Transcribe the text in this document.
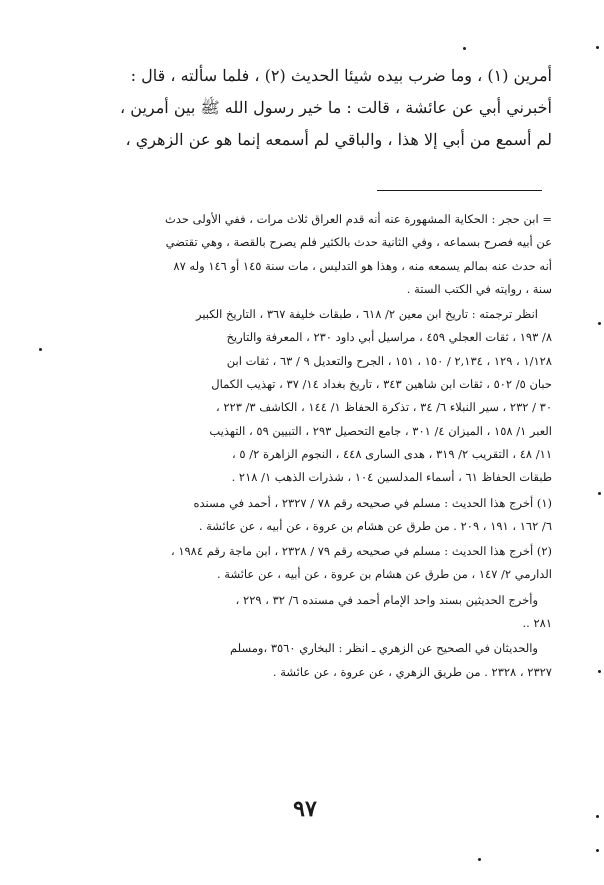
أمرين (١) ، وما ضرب بيده شيئا الحديث (٢) ، فلما سألته ، قال :

أخبرني أبي عن عائشة ، قالت : ما خير رسول الله ﷺ بين أمرين ،

لم أسمع من أبي إلا هذا ، والباقي لم أسمعه إنما هو عن الزهري ،

= ابن حجر : الحكاية المشهورة عنه أنه قدم العراق ثلاث مرات ، ففي الأولى حدث
عن أبيه فصرح بسماعه ، وفي الثانية حدث بالكثير فلم يصرح بالقصة ، وهي تقتضي
أنه حدث عنه بمالم يسمعه منه ، وهذا هو التدليس ، مات سنة ١٤٥ أو ١٤٦ وله ٨٧
سنة ، روايته في الكتب الستة .
انظر ترجمته : تاريخ ابن معين ٢/ ٦١٨ ، طبقات خليفة ٣٦٧ ، التاريخ الكبير
٨/ ١٩٣ ، ثقات العجلي ٤٥٩ ، مراسيل أبي داود ٢٣٠ ، المعرفة والتاريخ
١/١٢٨ ، ١٢٩ ، ٢,١٣٤ / ١٥٠ ، ١٥١ ، الجرح والتعديل ٩ / ٦٣ ، ثقات ابن
حبان ٥/ ٥٠٢ ، ثقات ابن شاهين ٣٤٣ ، تاريخ بغداد ١٤/ ٣٧ ، تهذيب الكمال
٣٠ / ٢٣٢ ، سير النبلاء ٦/ ٣٤ ، تذكرة الحفاظ ١/ ١٤٤ ، الكاشف ٣/ ٢٢٣ ،
العبر ١/ ١٥٨ ، الميزان ٤/ ٣٠١ ، جامع التحصيل ٢٩٣ ، التبيين ٥٩ ، التهذيب
١١/ ٤٨ ، التقريب ٢/ ٣١٩ ، هدى السارى ٤٤٨ ، النجوم الزاهرة ٢/ ٥ ،
طبقات الحفاظ ٦١ ، أسماء المدلسين ١٠٤ ، شذرات الذهب ١/ ٢١٨ .
(١) أخرج هذا الحديث : مسلم في صحيحه رقم ٧٨ / ٢٣٢٧ ، أحمد في مسنده
٦/ ١٦٢ ، ١٩١ ، ٢٠٩ . من طرق عن هشام بن عروة ، عن أبيه ، عن عائشة .
(٢) أخرج هذا الحديث : مسلم في صحيحه رقم ٧٩ / ٢٣٢٨ ، ابن ماجة رقم ١٩٨٤ ،
الدارمي ٢/ ١٤٧ ، من طرق عن هشام بن عروة ، عن أبيه ، عن عائشة .
وأخرج الحديثين بسند واحد الإمام أحمد في مسنده ٦/ ٣٢ ، ٢٢٩ ،
٢٨١ ..
والحديثان في الصحيح عن الزهري ـ انظر : البخاري ٣٥٦٠ ،ومسلم
٢٣٢٧ ، ٢٣٢٨ . من طريق الزهري ، عن عروة ، عن عائشة .
٩٧
